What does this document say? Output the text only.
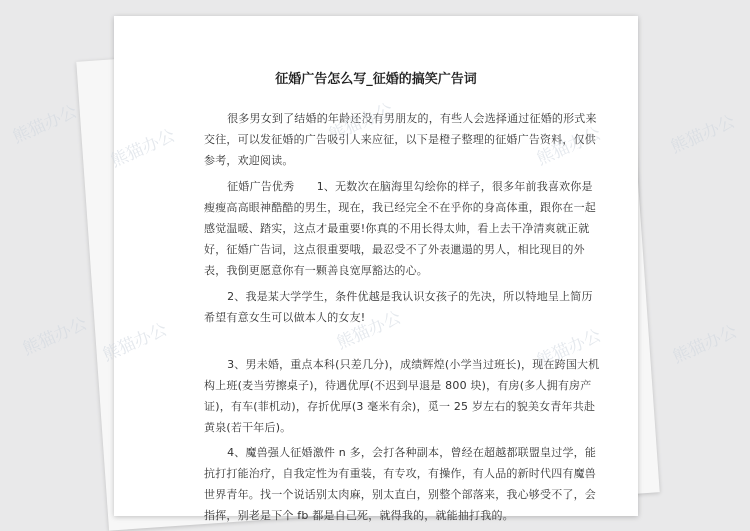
征婚广告怎么写_征婚的搞笑广告词

很多男女到了结婚的年龄还没有男朋友的，有些人会选择通过征婚的形式来交往，可以发征婚的广告吸引人来应征，以下是橙子整理的征婚广告资料，仅供参考，欢迎阅读。

征婚广告优秀　　1、无数次在脑海里勾绘你的样子，很多年前我喜欢你是瘦瘦高高眼神酷酷的男生，现在，我已经完全不在乎你的身高体重，跟你在一起感觉温暖、踏实，这点才最重要!你真的不用长得太帅，看上去干净清爽就正就好，征婚广告词，这点很重要哦，最忍受不了外表邋遢的男人，相比现目的外表，我倒更愿意你有一颗善良宽厚豁达的心。

2、我是某大学学生，条件优越是我认识女孩子的先决，所以特地呈上简历希望有意女生可以做本人的女友!

3、男未婚，重点本科(只差几分)，成绩辉煌(小学当过班长)，现在跨国大机构上班(麦当劳擦桌子)，待遇优厚(不迟到早退是 800 块)，有房(多人拥有房产证)，有车(菲机动)，存折优厚(3 毫米有余)，觅一 25 岁左右的貌美女青年共赴黄泉(若干年后)。

4、魔兽强人征婚激件 n 多，会打各种副本，曾经在超越都联盟皇过学，能抗打打能治疗，自我定性为有重装，有专攻，有操作，有人品的新时代四有魔兽世界青年。找一个说话别太肉麻，别太直白，别整个部落来，我心够受不了，会指挥，别老是下个 fb 都是自己死，就得我的，就能抽打我的。

熊猫办公
熊猫办公
熊猫办公
熊猫办公	熊猫办公	熊猫办公
熊猫办公	熊猫办公
熊猫办公	熊猫办公
